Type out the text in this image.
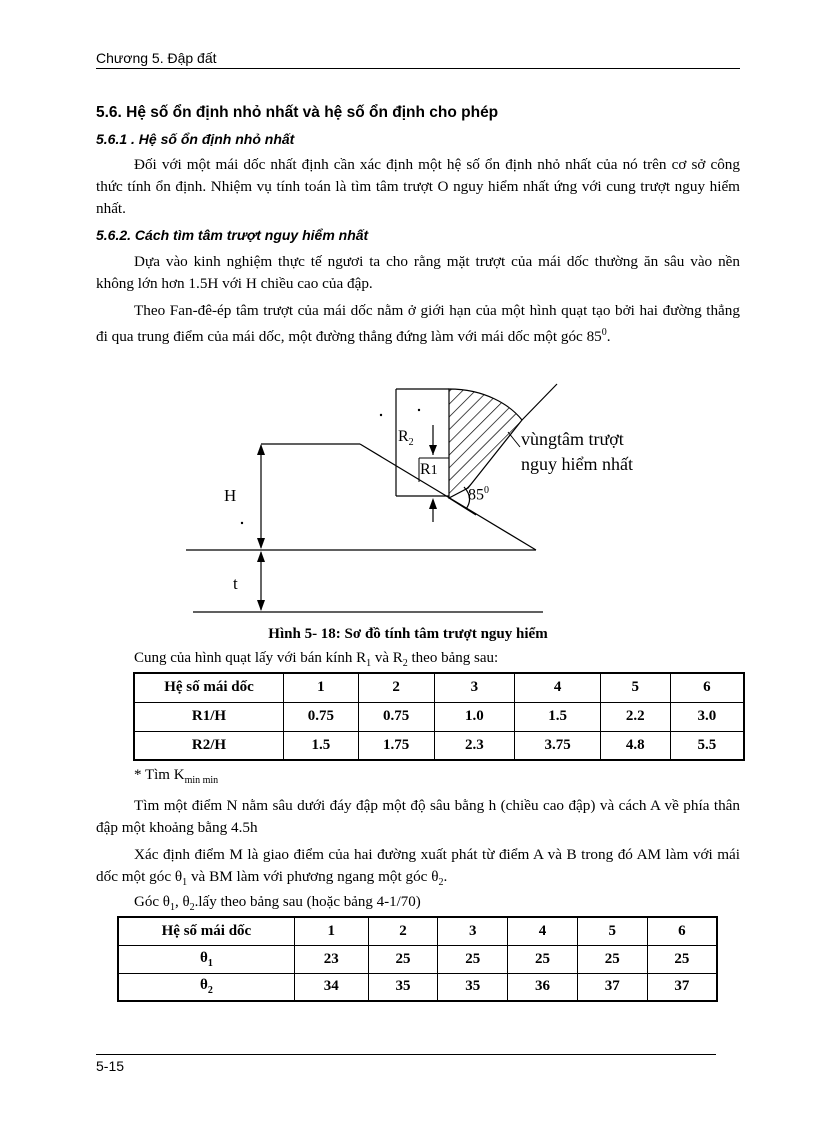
Chương 5. Đập đất
5.6. Hệ số ổn định nhỏ nhất và hệ số ổn định cho phép
5.6.1 . Hệ số ổn định nhỏ nhất
Đối với một mái dốc nhất định cần xác định một hệ số ổn định nhỏ nhất của nó trên cơ sở công thức tính ổn định. Nhiệm vụ tính toán là tìm tâm trượt O nguy hiểm nhất ứng với cung trượt nguy hiểm nhất.
5.6.2. Cách tìm tâm trượt nguy hiểm nhất
Dựa vào kinh nghiệm thực tế ngươi ta cho rằng mặt trượt của mái dốc thường ăn sâu vào nền không lớn hơn 1.5H với H chiều cao của đập.
Theo Fan-đê-ép tâm trượt của mái dốc nằm ở giới hạn của một hình quạt tạo bởi hai đường thẳng đi qua trung điểm của mái dốc, một đường thẳng đứng làm với mái dốc một góc $85^0$.
H
t
$R_2$
R1
$85^0$
vùngtâm trượt
nguy hiểm nhất
Hình 5- 18: Sơ đồ tính tâm trượt nguy hiểm
Cung của hình quạt lấy với bán kính $R_1$ và $R_2$ theo bảng sau:
Hệ số mái dốc	1	2	3	4	5	6
R1/H	0.75	0.75	1.0	1.5	2.2	3.0
R2/H	1.5	1.75	2.3	3.75	4.8	5.5
* Tìm $K_{min min}$
Tìm một điểm N nằm sâu dưới đáy đập một độ sâu bằng h (chiều cao đập) và cách A về phía thân đập một khoảng bằng 4.5h
Xác định điểm M là giao điểm của hai đường xuất phát từ điểm A và B trong đó AM làm với mái dốc một góc $\theta_1$ và BM làm với phương ngang một góc $\theta_2$.
Góc $\theta_1$, $\theta_2.lấy$ theo bảng sau (hoặc bảng 4-1/70)
Hệ số mái dốc	1	2	3	4	5	6
$\theta_1$	23	25	25	25	25	25
$\theta_2$	34	35	35	36	37	37
5-15
